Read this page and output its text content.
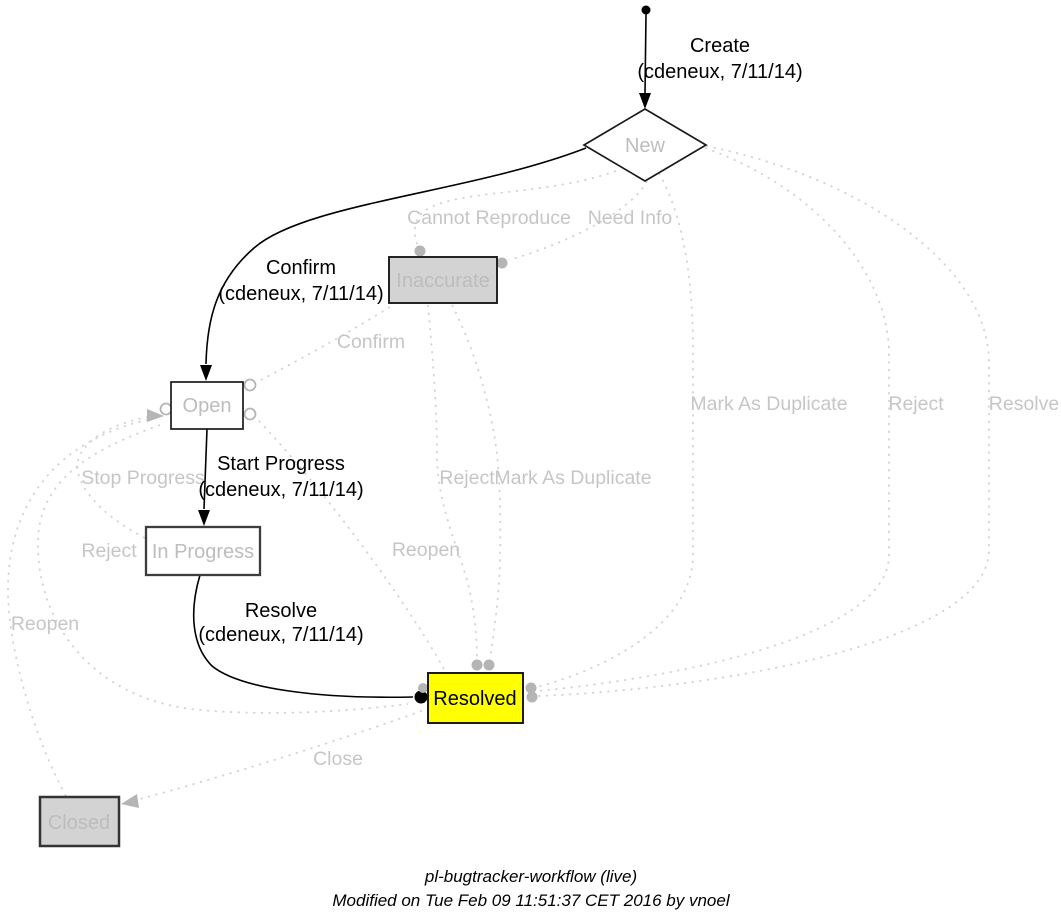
New
Inaccurate
Open
In Progress
Resolved
Closed
Cannot Reproduce Need Info
Confirm
Mark As Duplicate Reject Resolve
Stop Progress	Reject Mark As Duplicate
Reopen
Reject
Reopen
Close
Create
(cdeneux, 7/11/14)
Confirm
(cdeneux, 7/11/14)
Start Progress
(cdeneux, 7/11/14)
Resolve
(cdeneux, 7/11/14)
pl-bugtracker-workflow (live)
Modified on Tue Feb 09 11:51:37 CET 2016 by vnoel
